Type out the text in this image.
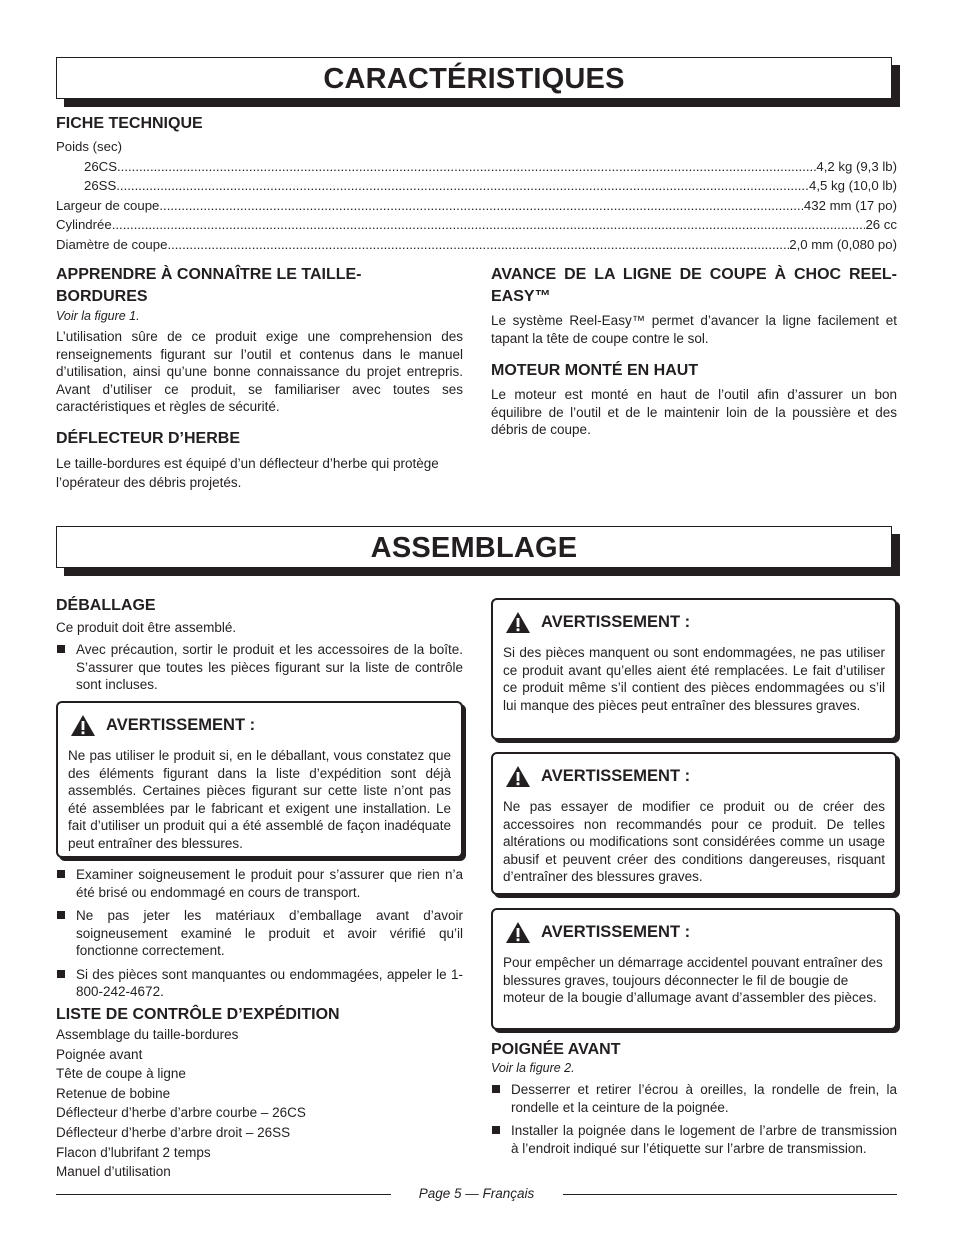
CARACTÉRISTIQUES
FICHE TECHNIQUE
Poids (sec)
26CS .....	4,2 kg (9,3 lb)
26SS .....	4,5 kg (10,0 lb)
Largeur de coupe .....	432 mm (17 po)
Cylindrée .....	26 cc
Diamètre de coupe .....	2,0 mm (0,080 po)
APPRENDRE À CONNAÎTRE LE TAILLE-BORDURES

Voir la figure 1.

L’utilisation sûre de ce produit exige une comprehension des renseignements figurant sur l’outil et contenus dans le manuel d’utilisation, ainsi qu’une bonne connaissance du projet entrepris. Avant d’utiliser ce produit, se familiariser avec toutes ses caractéristiques et règles de sécurité.

DÉFLECTEUR D’HERBE

Le taille-bordures est équipé d’un déflecteur d’herbe qui protège l’opérateur des débris projetés.

AVANCE DE LA LIGNE DE COUPE À CHOC REEL-EASY™

Le système Reel-Easy™ permet d’avancer la ligne facilement et tapant la tête de coupe contre le sol.

MOTEUR MONTÉ EN HAUT

Le moteur est monté en haut de l’outil afin d’assurer un bon équilibre de l’outil et de le maintenir loin de la poussière et des débris de coupe.

ASSEMBLAGE
DÉBALLAGE

Ce produit doit être assemblé.

Avec précaution, sortir le produit et les accessoires de la boîte. S’assurer que toutes les pièces figurant sur la liste de contrôle sont incluses.
AVERTISSEMENT :

Ne pas utiliser le produit si, en le déballant, vous constatez que des éléments figurant dans la liste d’expédition sont déjà assemblés. Certaines pièces figurant sur cette liste n’ont pas été assemblées par le fabricant et exigent une installation. Le fait d’utiliser un produit qui a été assemblé de façon inadéquate peut entraîner des blessures.

Examiner soigneusement le produit pour s’assurer que rien n’a été brisé ou endommagé en cours de transport.
Ne pas jeter les matériaux d’emballage avant d’avoir soigneusement examiné le produit et avoir vérifié qu’il fonctionne correctement.
Si des pièces sont manquantes ou endommagées, appeler le 1-800-242-4672.
LISTE DE CONTRÔLE D’EXPÉDITION
Assemblage du taille-bordures
Poignée avant
Tête de coupe à ligne
Retenue de bobine
Déflecteur d’herbe d’arbre courbe – 26CS
Déflecteur d’herbe d’arbre droit – 26SS
Flacon d’lubrifant 2 temps
Manuel d’utilisation
AVERTISSEMENT :

Si des pièces manquent ou sont endommagées, ne pas utiliser ce produit avant qu’elles aient été remplacées. Le fait d’utiliser ce produit même s’il contient des pièces endommagées ou s’il lui manque des pièces peut entraîner des blessures graves.

AVERTISSEMENT :

Ne pas essayer de modifier ce produit ou de créer des accessoires non recommandés pour ce produit. De telles altérations ou modifications sont considérées comme un usage abusif et peuvent créer des conditions dangereuses, risquant d’entraîner des blessures graves.

AVERTISSEMENT :

Pour empêcher un démarrage accidentel pouvant entraîner des blessures graves, toujours déconnecter le fil de bougie de moteur de la bougie d’allumage avant d’assembler des pièces.

POIGNÉE AVANT

Voir la figure 2.

Desserrer et retirer l’écrou à oreilles, la rondelle de frein, la rondelle et la ceinture de la poignée.
Installer la poignée dans le logement de l’arbre de transmission à l’endroit indiqué sur l’étiquette sur l’arbre de transmission.
Page 5 — Français
